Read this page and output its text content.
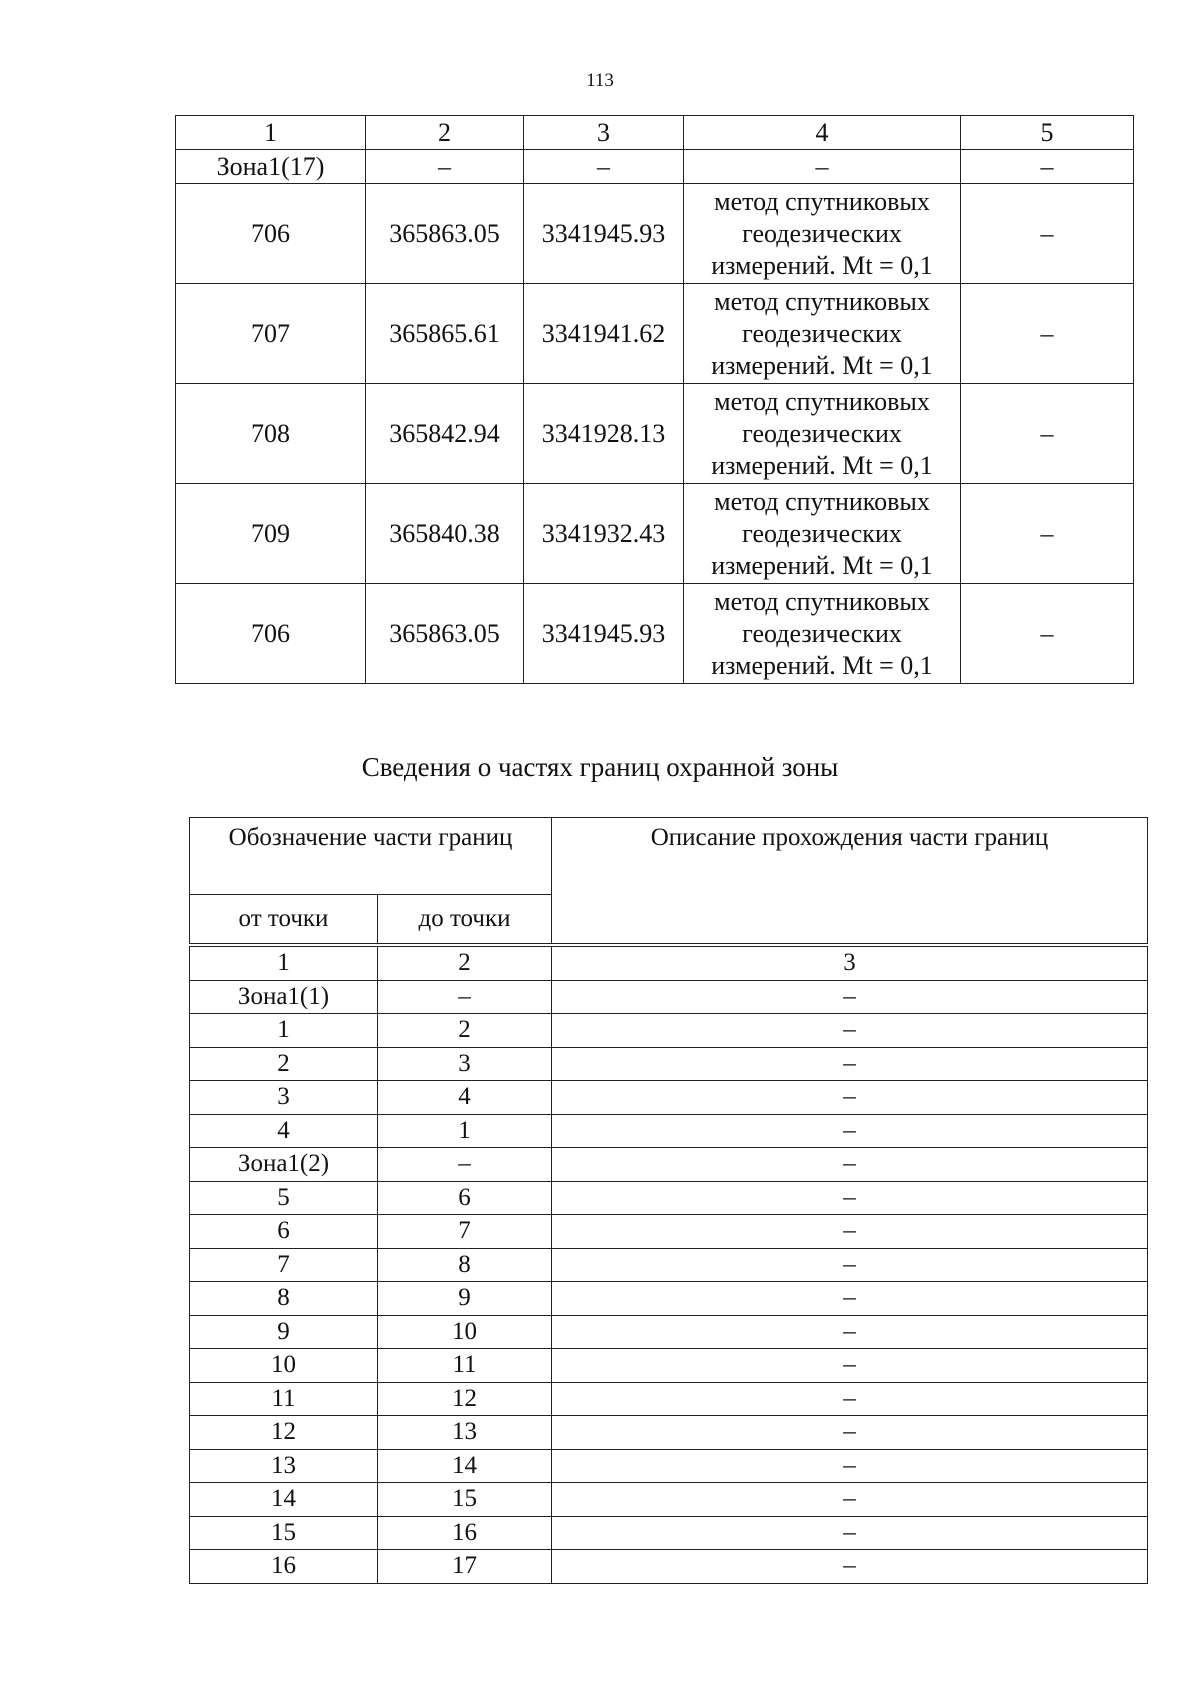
113
1	2	3	4	5
Зона1(17)	–	–	–	–
706	365863.05	3341945.93	метод спутниковых
геодезических
измерений. Mt = 0,1	–
707	365865.61	3341941.62	метод спутниковых
геодезических
измерений. Mt = 0,1	–
708	365842.94	3341928.13	метод спутниковых
геодезических
измерений. Mt = 0,1	–
709	365840.38	3341932.43	метод спутниковых
геодезических
измерений. Mt = 0,1	–
706	365863.05	3341945.93	метод спутниковых
геодезических
измерений. Mt = 0,1	–
Сведения о частях границ охранной зоны
Обозначение части границ		Описание прохождения части границ
от точки	до точки	

1	2	3
Зона1(1)	–	–
1	2	–
2	3	–
3	4	–
4	1	–
Зона1(2)	–	–
5	6	–
6	7	–
7	8	–
8	9	–
9	10	–
10	11	–
11	12	–
12	13	–
13	14	–
14	15	–
15	16	–
16	17	–
